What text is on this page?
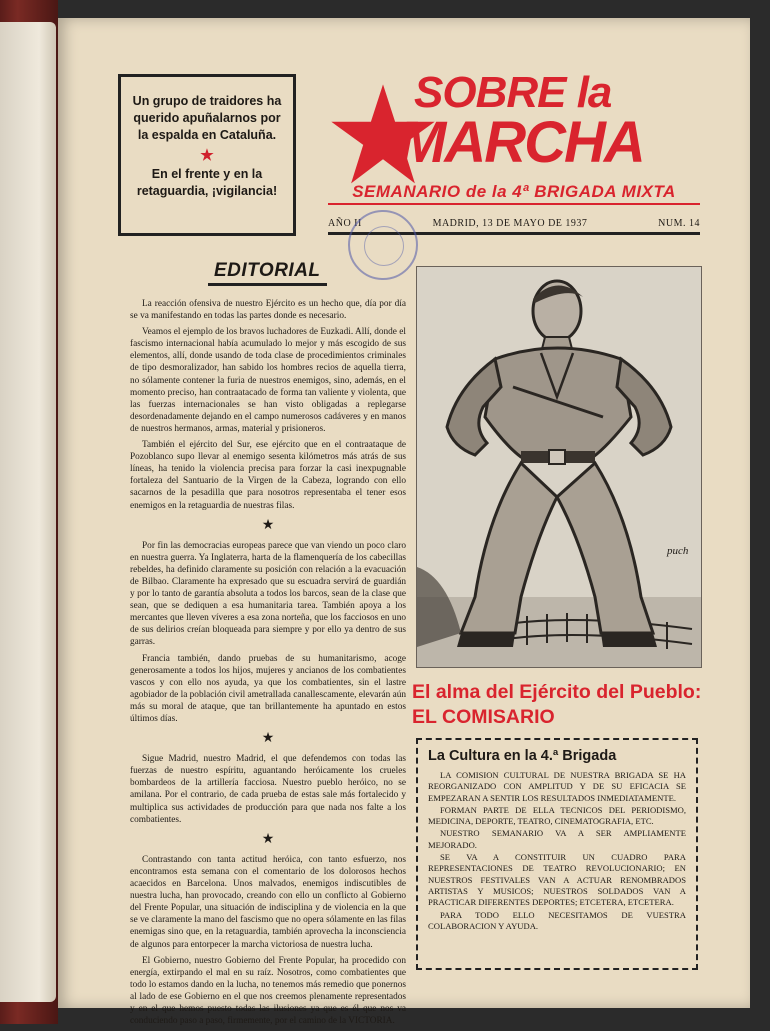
Un grupo de traidores ha querido apuñalarnos por la espalda en Cataluña.
★
En el frente y en la retaguardia, ¡vigilancia!
SOBRE la
MARCHA
SEMANARIO de la 4ª BRIGADA MIXTA
AÑO II	MADRID, 13 DE MAYO DE 1937	NUM. 14
EDITORIAL

La reacción ofensiva de nuestro Ejército es un hecho que, día por día se va manifestando en todas las partes donde es necesario.

Veamos el ejemplo de los bravos luchadores de Euzkadi. Allí, donde el fascismo internacional había acumulado lo mejor y más escogido de sus elementos, allí, donde usando de toda clase de procedimientos criminales de tipo desmoralizador, han sabido los hombres recios de aquella tierra, no sólamente contener la furia de nuestros enemigos, sino, además, en el momento preciso, han contraatacado de forma tan valiente y violenta, que las fuerzas internacionales se han visto obligadas a replegarse desordenadamente dejando en el campo numerosos cadáveres y en manos de nuestros hermanos, armas, material y prisioneros.

También el ejército del Sur, ese ejército que en el contraataque de Pozoblanco supo llevar al enemigo sesenta kilómetros más atrás de sus líneas, ha tenido la violencia precisa para forzar la casi inexpugnable fortaleza del Santuario de la Virgen de la Cabeza, logrando con ello sacarnos de la pesadilla que para nosotros representaba el tener esos enemigos en la retaguardia de nuestras filas.

★

Por fin las democracias europeas parece que van viendo un poco claro en nuestra guerra. Ya Inglaterra, harta de la flamenquería de los cabecillas rebeldes, ha definido claramente su posición con relación a la evacuación de Bilbao. Claramente ha expresado que su escuadra servirá de guardián y por lo tanto de garantía absoluta a todos los barcos, sean de la clase que sean, que se dediquen a esa humanitaria tarea. También apoya a los mercantes que lleven víveres a esa zona norteña, que los facciosos en uno de sus delirios creían bloqueada para siempre y por ello ya dentro de sus garras.

Francia también, dando pruebas de su humanitarismo, acoge generosamente a todos los hijos, mujeres y ancianos de los combatientes vascos y con ello nos ayuda, ya que los combatientes, sin el lastre agobiador de la población civil ametrallada canallescamente, elevarán aún más su moral de ataque, que tan brillantemente ha apuntado en estos últimos días.

★

Sigue Madrid, nuestro Madrid, el que defendemos con todas las fuerzas de nuestro espíritu, aguantando heróicamente los crueles bombardeos de la artillería facciosa. Nuestro pueblo heróico, no se amilana. Por el contrario, de cada prueba de estas sale más fortalecido y multiplica sus actividades de producción para que nada nos falte a los combatientes.

★

Contrastando con tanta actitud heróica, con tanto esfuerzo, nos encontramos esta semana con el comentario de los dolorosos hechos acaecidos en Barcelona. Unos malvados, enemigos indiscutibles de nuestra lucha, han provocado, creando con ello un conflicto al Gobierno del Frente Popular, una situación de indisciplina y de violencia en la que se ve claramente la mano del fascismo que no opera sólamente en las filas enemigas sino que, en la retaguardia, también aprovecha la inconsciencia de algunos para entorpecer la marcha victoriosa de nuestra lucha.

El Gobierno, nuestro Gobierno del Frente Popular, ha procedido con energía, extirpando el mal en su raíz. Nosotros, como combatientes que todo lo estamos dando en la lucha, no tenemos más remedio que ponernos al lado de ese Gobierno en el que nos creemos plenamente representados y en el que hemos puesto todas las ilusiones ya que es él que nos va conduciendo paso a paso, firmemente, por el camino de la VICTORIA.

puch
El alma del Ejército del Pueblo: EL COMISARIO
La Cultura en la 4.ª Brigada

LA COMISION CULTURAL DE NUESTRA BRIGADA SE HA REORGANIZADO CON AMPLITUD Y DE SU EFICACIA SE EMPEZARAN A SENTIR LOS RESULTADOS INMEDIATAMENTE.

FORMAN PARTE DE ELLA TECNICOS DEL PERIODISMO, MEDICINA, DEPORTE, TEATRO, CINEMATOGRAFIA, ETC.

NUESTRO SEMANARIO VA A SER AMPLIAMENTE MEJORADO.

SE VA A CONSTITUIR UN CUADRO PARA REPRESENTACIONES DE TEATRO REVOLUCIONARIO; EN NUESTROS FESTIVALES VAN A ACTUAR RENOMBRADOS ARTISTAS Y MUSICOS; NUESTROS SOLDADOS VAN A PRACTICAR DIFERENTES DEPORTES; ETCETERA, ETCETERA.

PARA TODO ELLO NECESITAMOS DE VUESTRA COLABORACION Y AYUDA.
